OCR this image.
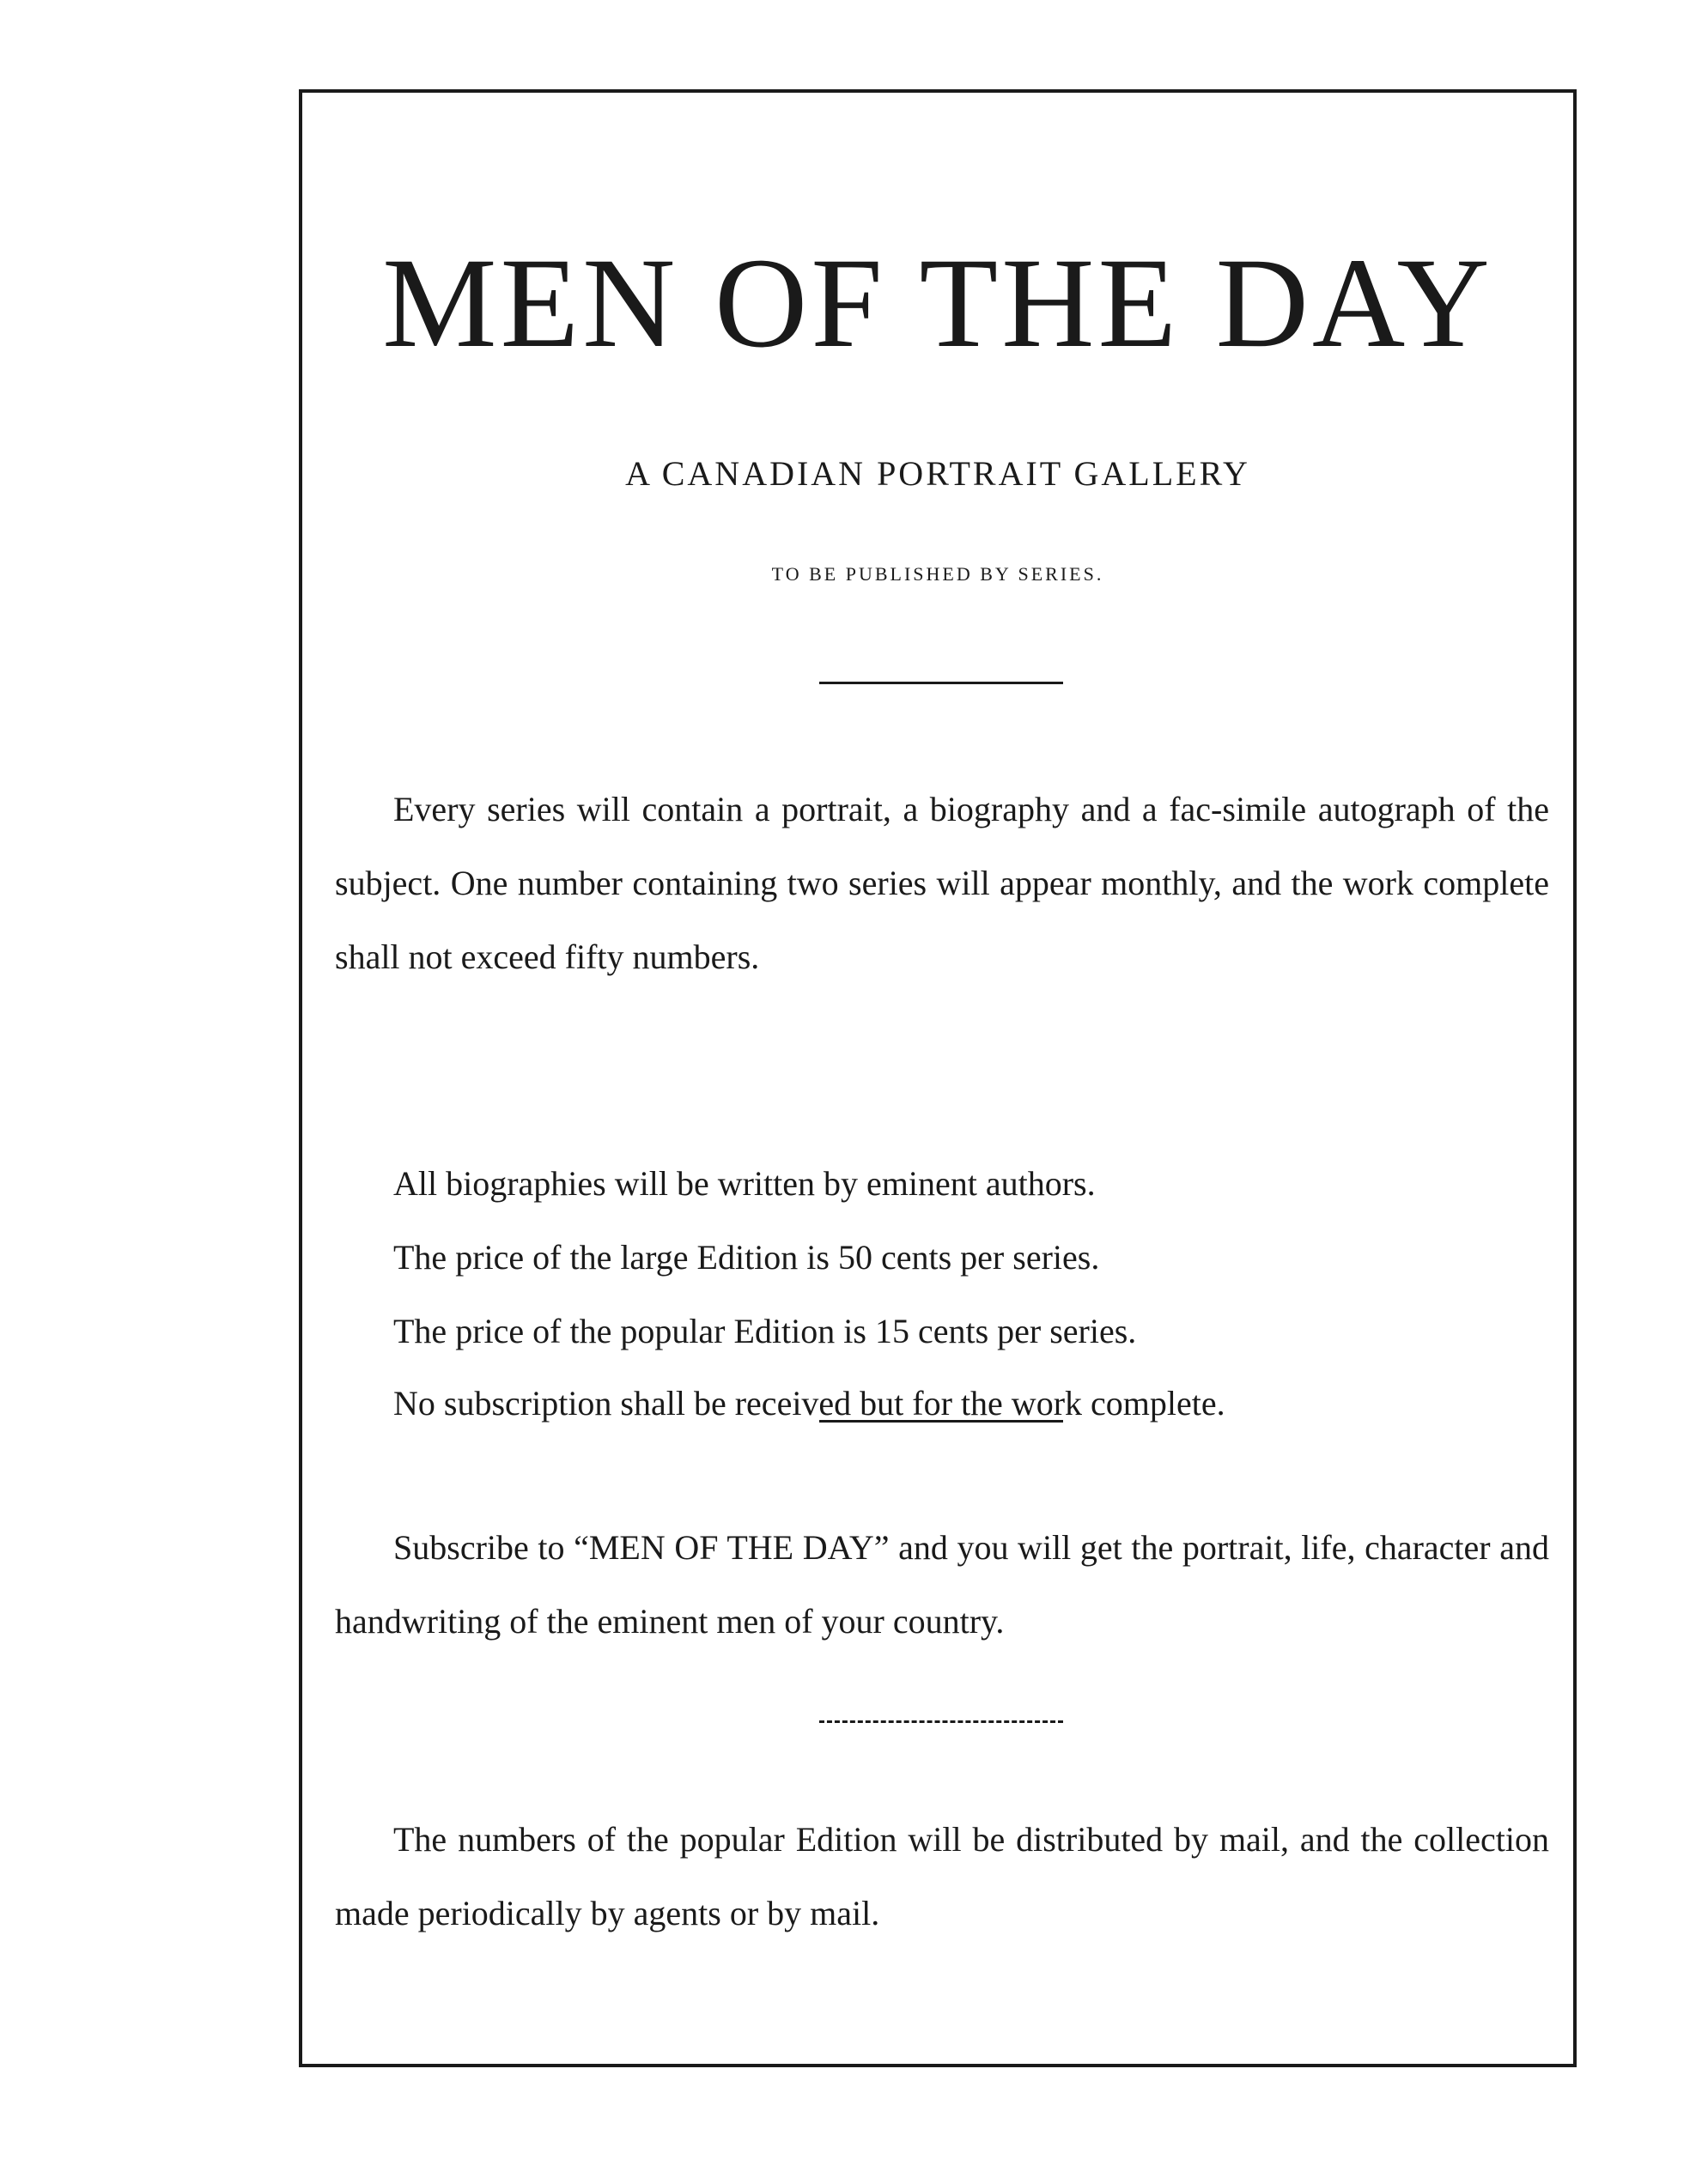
MEN OF THE DAY

A CANADIAN PORTRAIT GALLERY

TO BE PUBLISHED BY SERIES.

Every series will contain a portrait, a biography and a fac-simile autograph of the subject. One number containing two series will appear monthly, and the work complete shall not exceed fifty numbers.

All biographies will be written by eminent authors.

The price of the large Edition is 50 cents per series.

The price of the popular Edition is 15 cents per series.

No subscription shall be received but for the work complete.

Subscribe to “MEN OF THE DAY” and you will get the portrait, life, character and handwriting of the eminent men of your country.

The numbers of the popular Edition will be distributed by mail, and the collection made periodically by agents or by mail.
